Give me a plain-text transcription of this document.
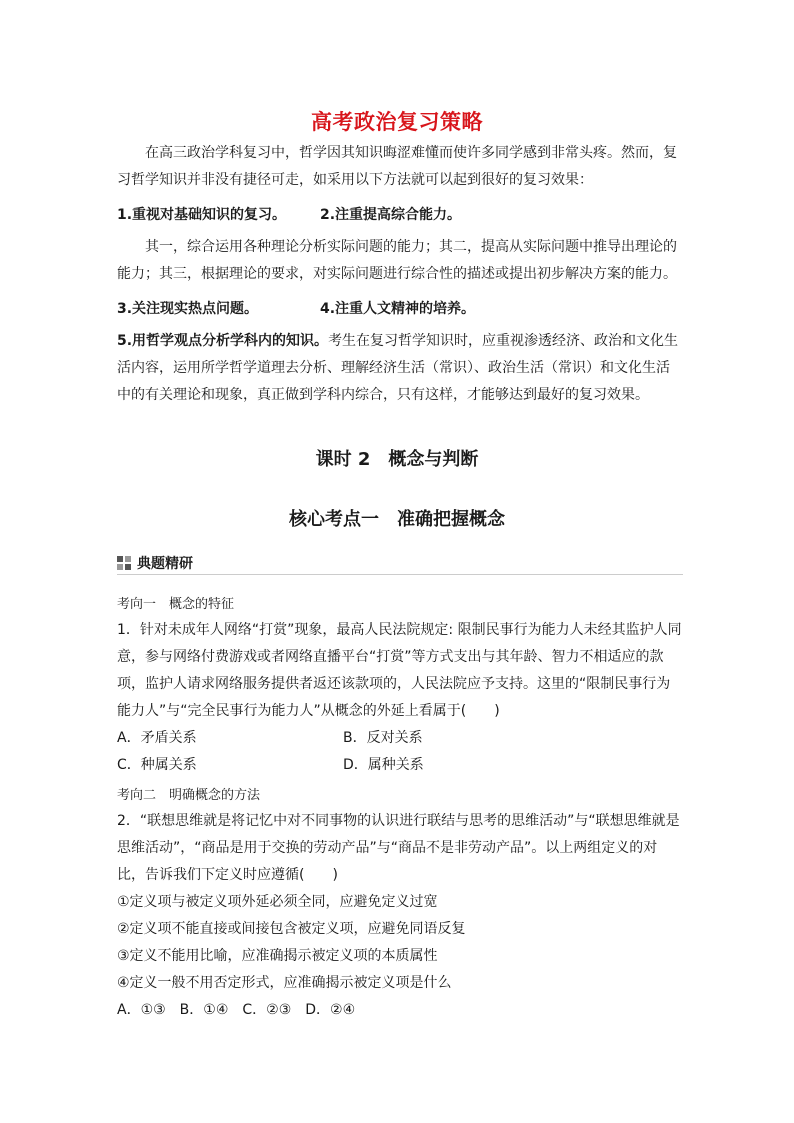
高考政治复习策略
在高三政治学科复习中，哲学因其知识晦涩难懂而使许多同学感到非常头疼。然而，复习哲学知识并非没有捷径可走，如采用以下方法就可以起到很好的复习效果：
1.重视对基础知识的复习。 2.注重提高综合能力。
其一，综合运用各种理论分析实际问题的能力；其二，提高从实际问题中推导出理论的能力；其三，根据理论的要求，对实际问题进行综合性的描述或提出初步解决方案的能力。
3.关注现实热点问题。	4.注重人文精神的培养。
5.用哲学观点分析学科内的知识。考生在复习哲学知识时，应重视渗透经济、政治和文化生活内容，运用所学哲学道理去分析、理解经济生活（常识）、政治生活（常识）和文化生活中的有关理论和现象，真正做到学科内综合，只有这样，才能够达到最好的复习效果。
课时 2　概念与判断
核心考点一　准确把握概念
典题精研
考向一　概念的特征
1．针对未成年人网络“打赏”现象，最高人民法院规定: 限制民事行为能力人未经其监护人同意，参与网络付费游戏或者网络直播平台“打赏”等方式支出与其年龄、智力不相适应的款项，监护人请求网络服务提供者返还该款项的，人民法院应予支持。这里的“限制民事行为能力人”与“完全民事行为能力人”从概念的外延上看属于(　　)
A．矛盾关系	B．反对关系
C．种属关系	D．属种关系
考向二　明确概念的方法
2．“联想思维就是将记忆中对不同事物的认识进行联结与思考的思维活动”与“联想思维就是思维活动”，“商品是用于交换的劳动产品”与“商品不是非劳动产品”。以上两组定义的对比，告诉我们下定义时应遵循(　　)
①定义项与被定义项外延必须全同，应避免定义过宽
②定义项不能直接或间接包含被定义项，应避免同语反复
③定义不能用比喻，应准确揭示被定义项的本质属性
④定义一般不用否定形式，应准确揭示被定义项是什么
A．①③　B．①④　C．②③　D．②④
